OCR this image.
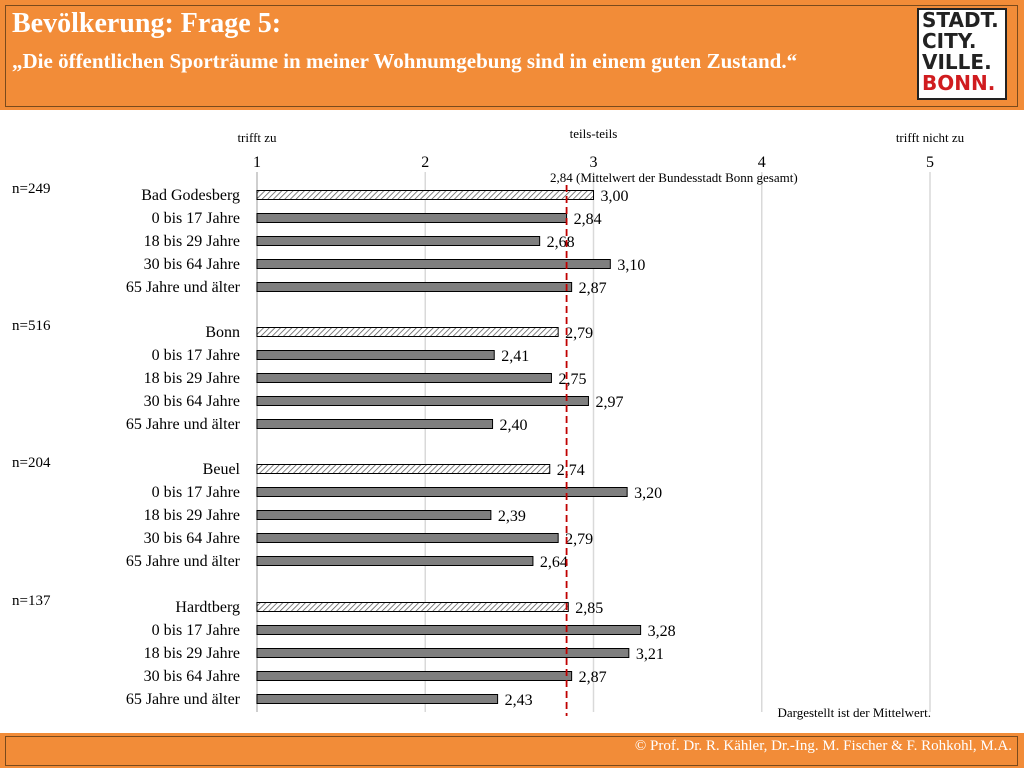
Bevölkerung: Frage 5:
„Die öffentlichen Sporträume in meiner Wohnumgebung sind in einem guten Zustand.“
STADT.
CITY.
VILLE.
BONN.
1	2	3	4	5
trifft zu	teils-teils	trifft nicht zu
2,84 (Mittelwert der Bundesstadt Bonn gesamt)
Dargestellt ist der Mittelwert.
n=249	Bad Godesberg	3,00
0 bis 17 Jahre	2,84
18 bis 29 Jahre	2,68
30 bis 64 Jahre	3,10
65 Jahre und älter	2,87
n=516	Bonn	2,79
0 bis 17 Jahre	2,41
18 bis 29 Jahre	2,75
30 bis 64 Jahre	2,97
65 Jahre und älter	2,40
n=204	Beuel	2,74
0 bis 17 Jahre	3,20
18 bis 29 Jahre	2,39
30 bis 64 Jahre	2,79
65 Jahre und älter	2,64
n=137	Hardtberg	2,85
0 bis 17 Jahre	3,28
18 bis 29 Jahre	3,21
30 bis 64 Jahre	2,87
65 Jahre und älter	2,43
© Prof. Dr. R. Kähler, Dr.-Ing. M. Fischer & F. Rohkohl, M.A.
